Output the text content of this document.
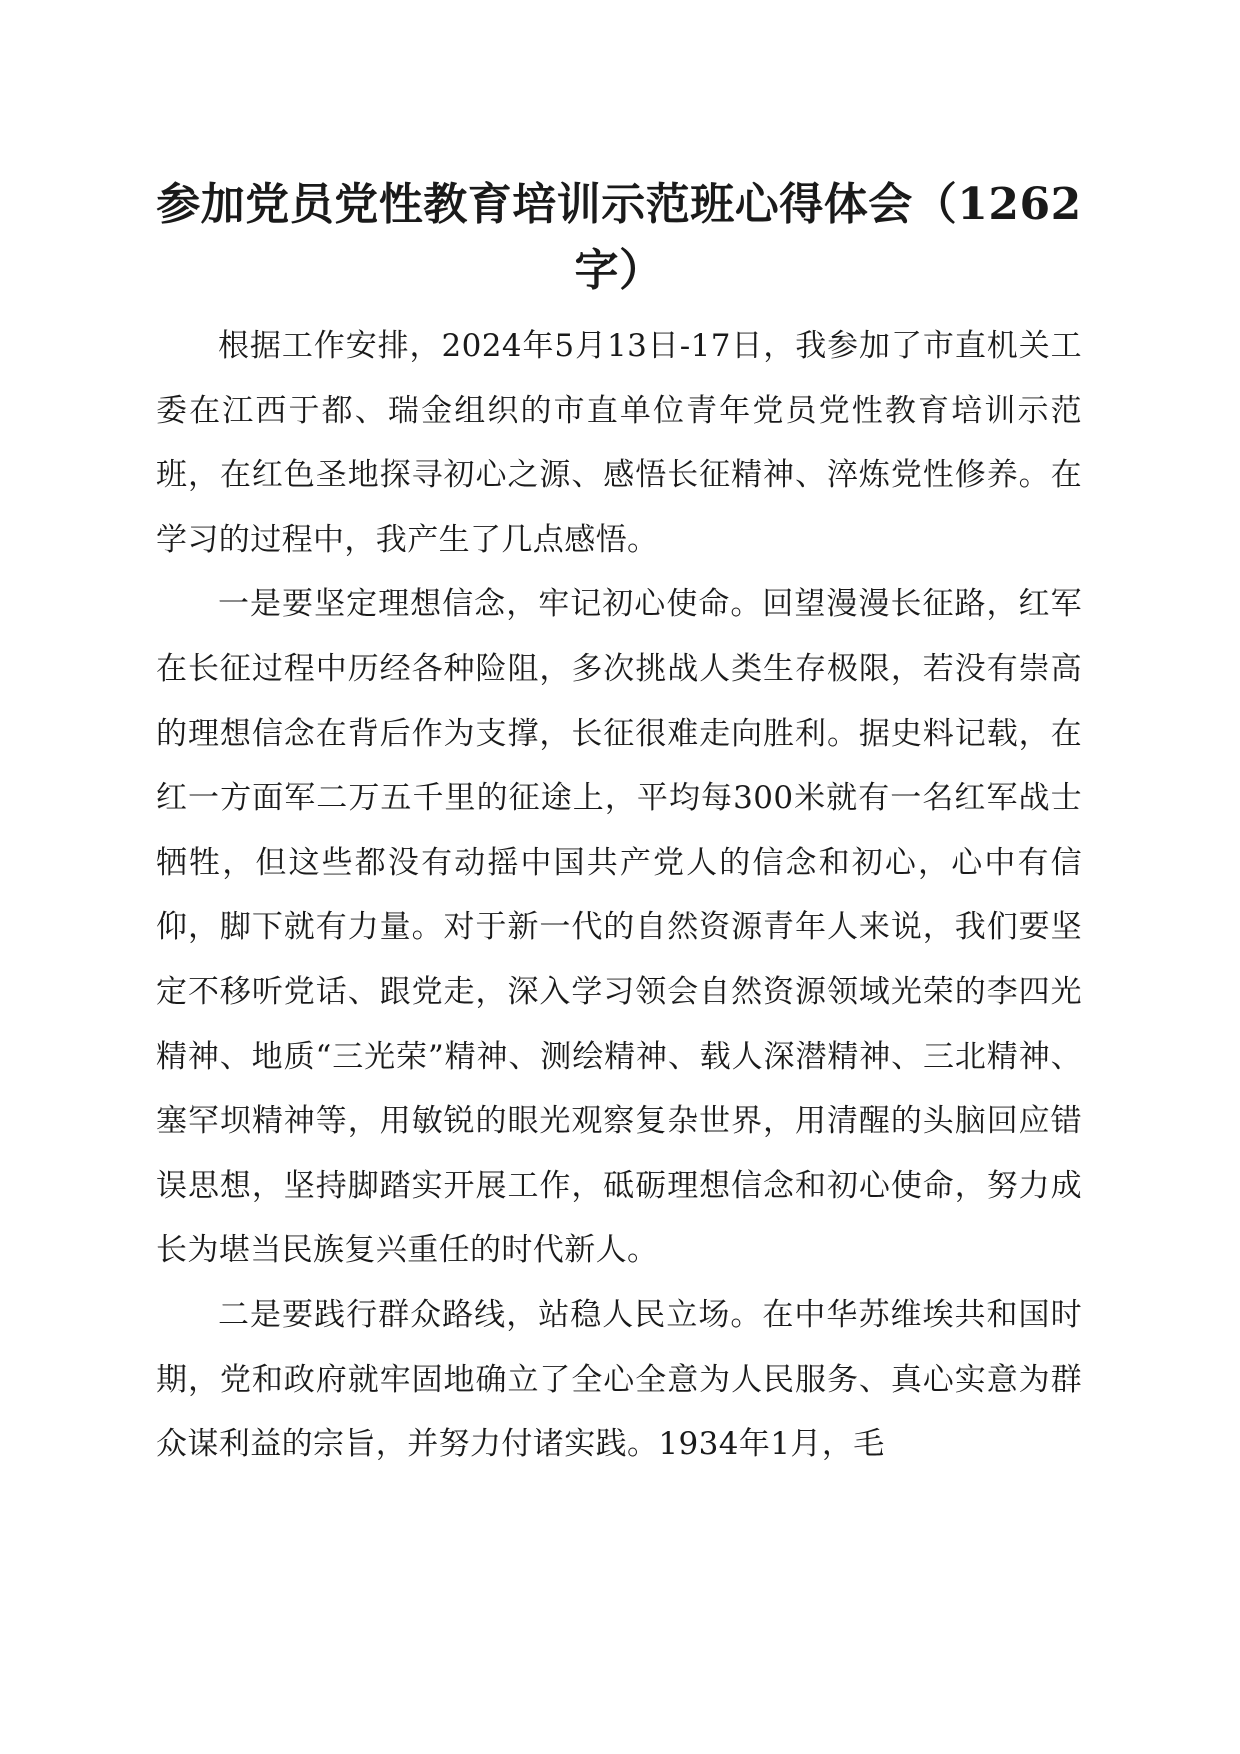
参加党员党性教育培训示范班心得体会（1262字）

根据工作安排，2024年5月13日-17日，我参加了市直机关工委在江西于都、瑞金组织的市直单位青年党员党性教育培训示范班，在红色圣地探寻初心之源、感悟长征精神、淬炼党性修养。在学习的过程中，我产生了几点感悟。

一是要坚定理想信念，牢记初心使命。回望漫漫长征路，红军在长征过程中历经各种险阻，多次挑战人类生存极限，若没有崇高的理想信念在背后作为支撑，长征很难走向胜利。据史料记载，在红一方面军二万五千里的征途上，平均每300米就有一名红军战士牺牲，但这些都没有动摇中国共产党人的信念和初心，心中有信仰，脚下就有力量。对于新一代的自然资源青年人来说，我们要坚定不移听党话、跟党走，深入学习领会自然资源领域光荣的李四光精神、地质“三光荣”精神、测绘精神、载人深潜精神、三北精神、塞罕坝精神等，用敏锐的眼光观察复杂世界，用清醒的头脑回应错误思想，坚持脚踏实开展工作，砥砺理想信念和初心使命，努力成长为堪当民族复兴重任的时代新人。

二是要践行群众路线，站稳人民立场。在中华苏维埃共和国时期，党和政府就牢固地确立了全心全意为人民服务、真心实意为群众谋利益的宗旨，并努力付诸实践。1934年1月，毛
